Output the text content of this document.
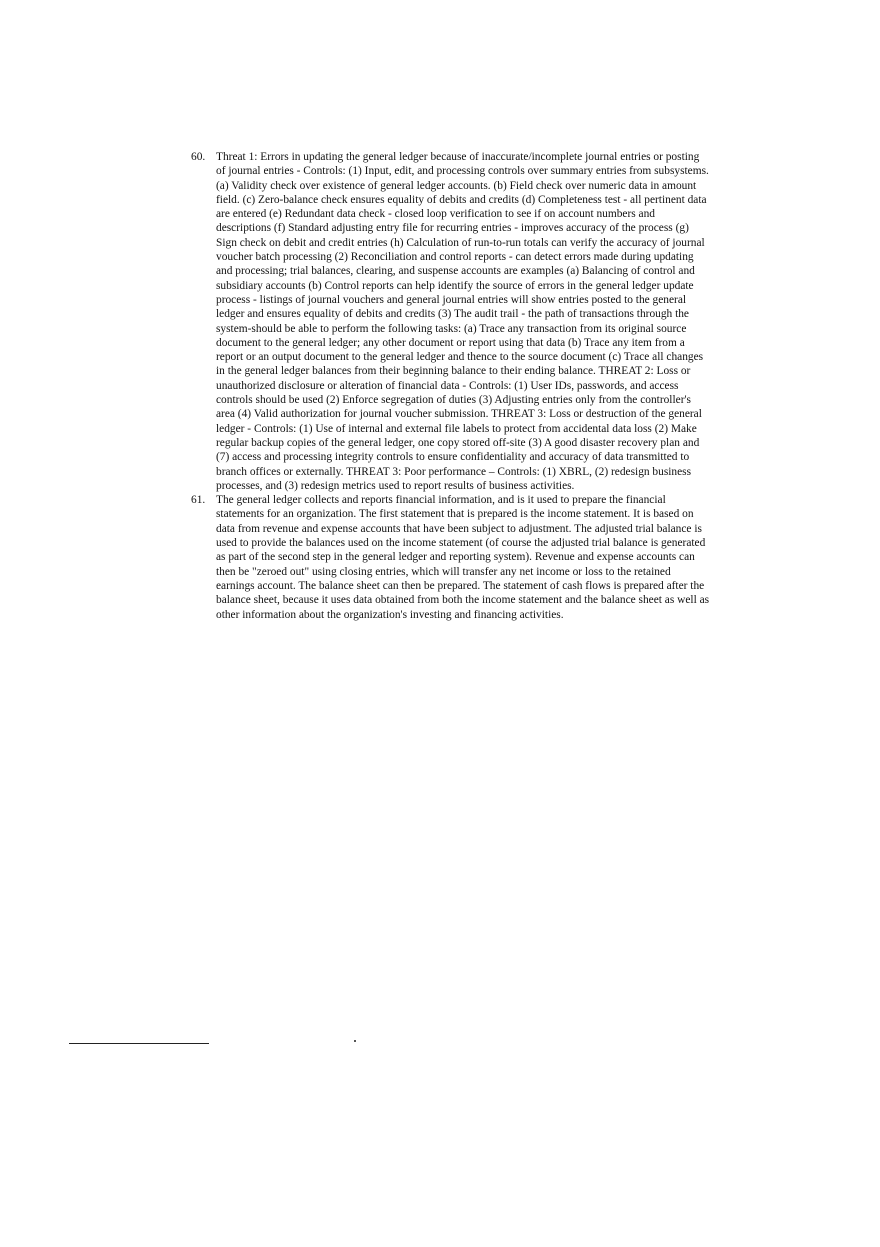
60. Threat 1: Errors in updating the general ledger because of inaccurate/incomplete journal entries or posting of journal entries - Controls: (1) Input, edit, and processing controls over summary entries from subsystems. (a) Validity check over existence of general ledger accounts. (b) Field check over numeric data in amount field. (c) Zero-balance check ensures equality of debits and credits (d) Completeness test - all pertinent data are entered (e) Redundant data check - closed loop verification to see if on account numbers and descriptions (f) Standard adjusting entry file for recurring entries - improves accuracy of the process (g) Sign check on debit and credit entries (h) Calculation of run-to-run totals can verify the accuracy of journal voucher batch processing (2) Reconciliation and control reports - can detect errors made during updating and processing; trial balances, clearing, and suspense accounts are examples (a) Balancing of control and subsidiary accounts (b) Control reports can help identify the source of errors in the general ledger update process - listings of journal vouchers and general journal entries will show entries posted to the general ledger and ensures equality of debits and credits (3) The audit trail - the path of transactions through the system-should be able to perform the following tasks: (a) Trace any transaction from its original source document to the general ledger; any other document or report using that data (b) Trace any item from a report or an output document to the general ledger and thence to the source document (c) Trace all changes in the general ledger balances from their beginning balance to their ending balance. THREAT 2: Loss or unauthorized disclosure or alteration of financial data - Controls: (1) User IDs, passwords, and access controls should be used (2) Enforce segregation of duties (3) Adjusting entries only from the controller's area (4) Valid authorization for journal voucher submission. THREAT 3: Loss or destruction of the general ledger - Controls: (1) Use of internal and external file labels to protect from accidental data loss (2) Make regular backup copies of the general ledger, one copy stored off-site (3) A good disaster recovery plan and (7) access and processing integrity controls to ensure confidentiality and accuracy of data transmitted to branch offices or externally. THREAT 3: Poor performance – Controls: (1) XBRL, (2) redesign business processes, and (3) redesign metrics used to report results of business activities.
61. The general ledger collects and reports financial information, and is it used to prepare the financial statements for an organization. The first statement that is prepared is the income statement. It is based on data from revenue and expense accounts that have been subject to adjustment. The adjusted trial balance is used to provide the balances used on the income statement (of course the adjusted trial balance is generated as part of the second step in the general ledger and reporting system). Revenue and expense accounts can then be "zeroed out" using closing entries, which will transfer any net income or loss to the retained earnings account. The balance sheet can then be prepared. The statement of cash flows is prepared after the balance sheet, because it uses data obtained from both the income statement and the balance sheet as well as other information about the organization's investing and financing activities.
